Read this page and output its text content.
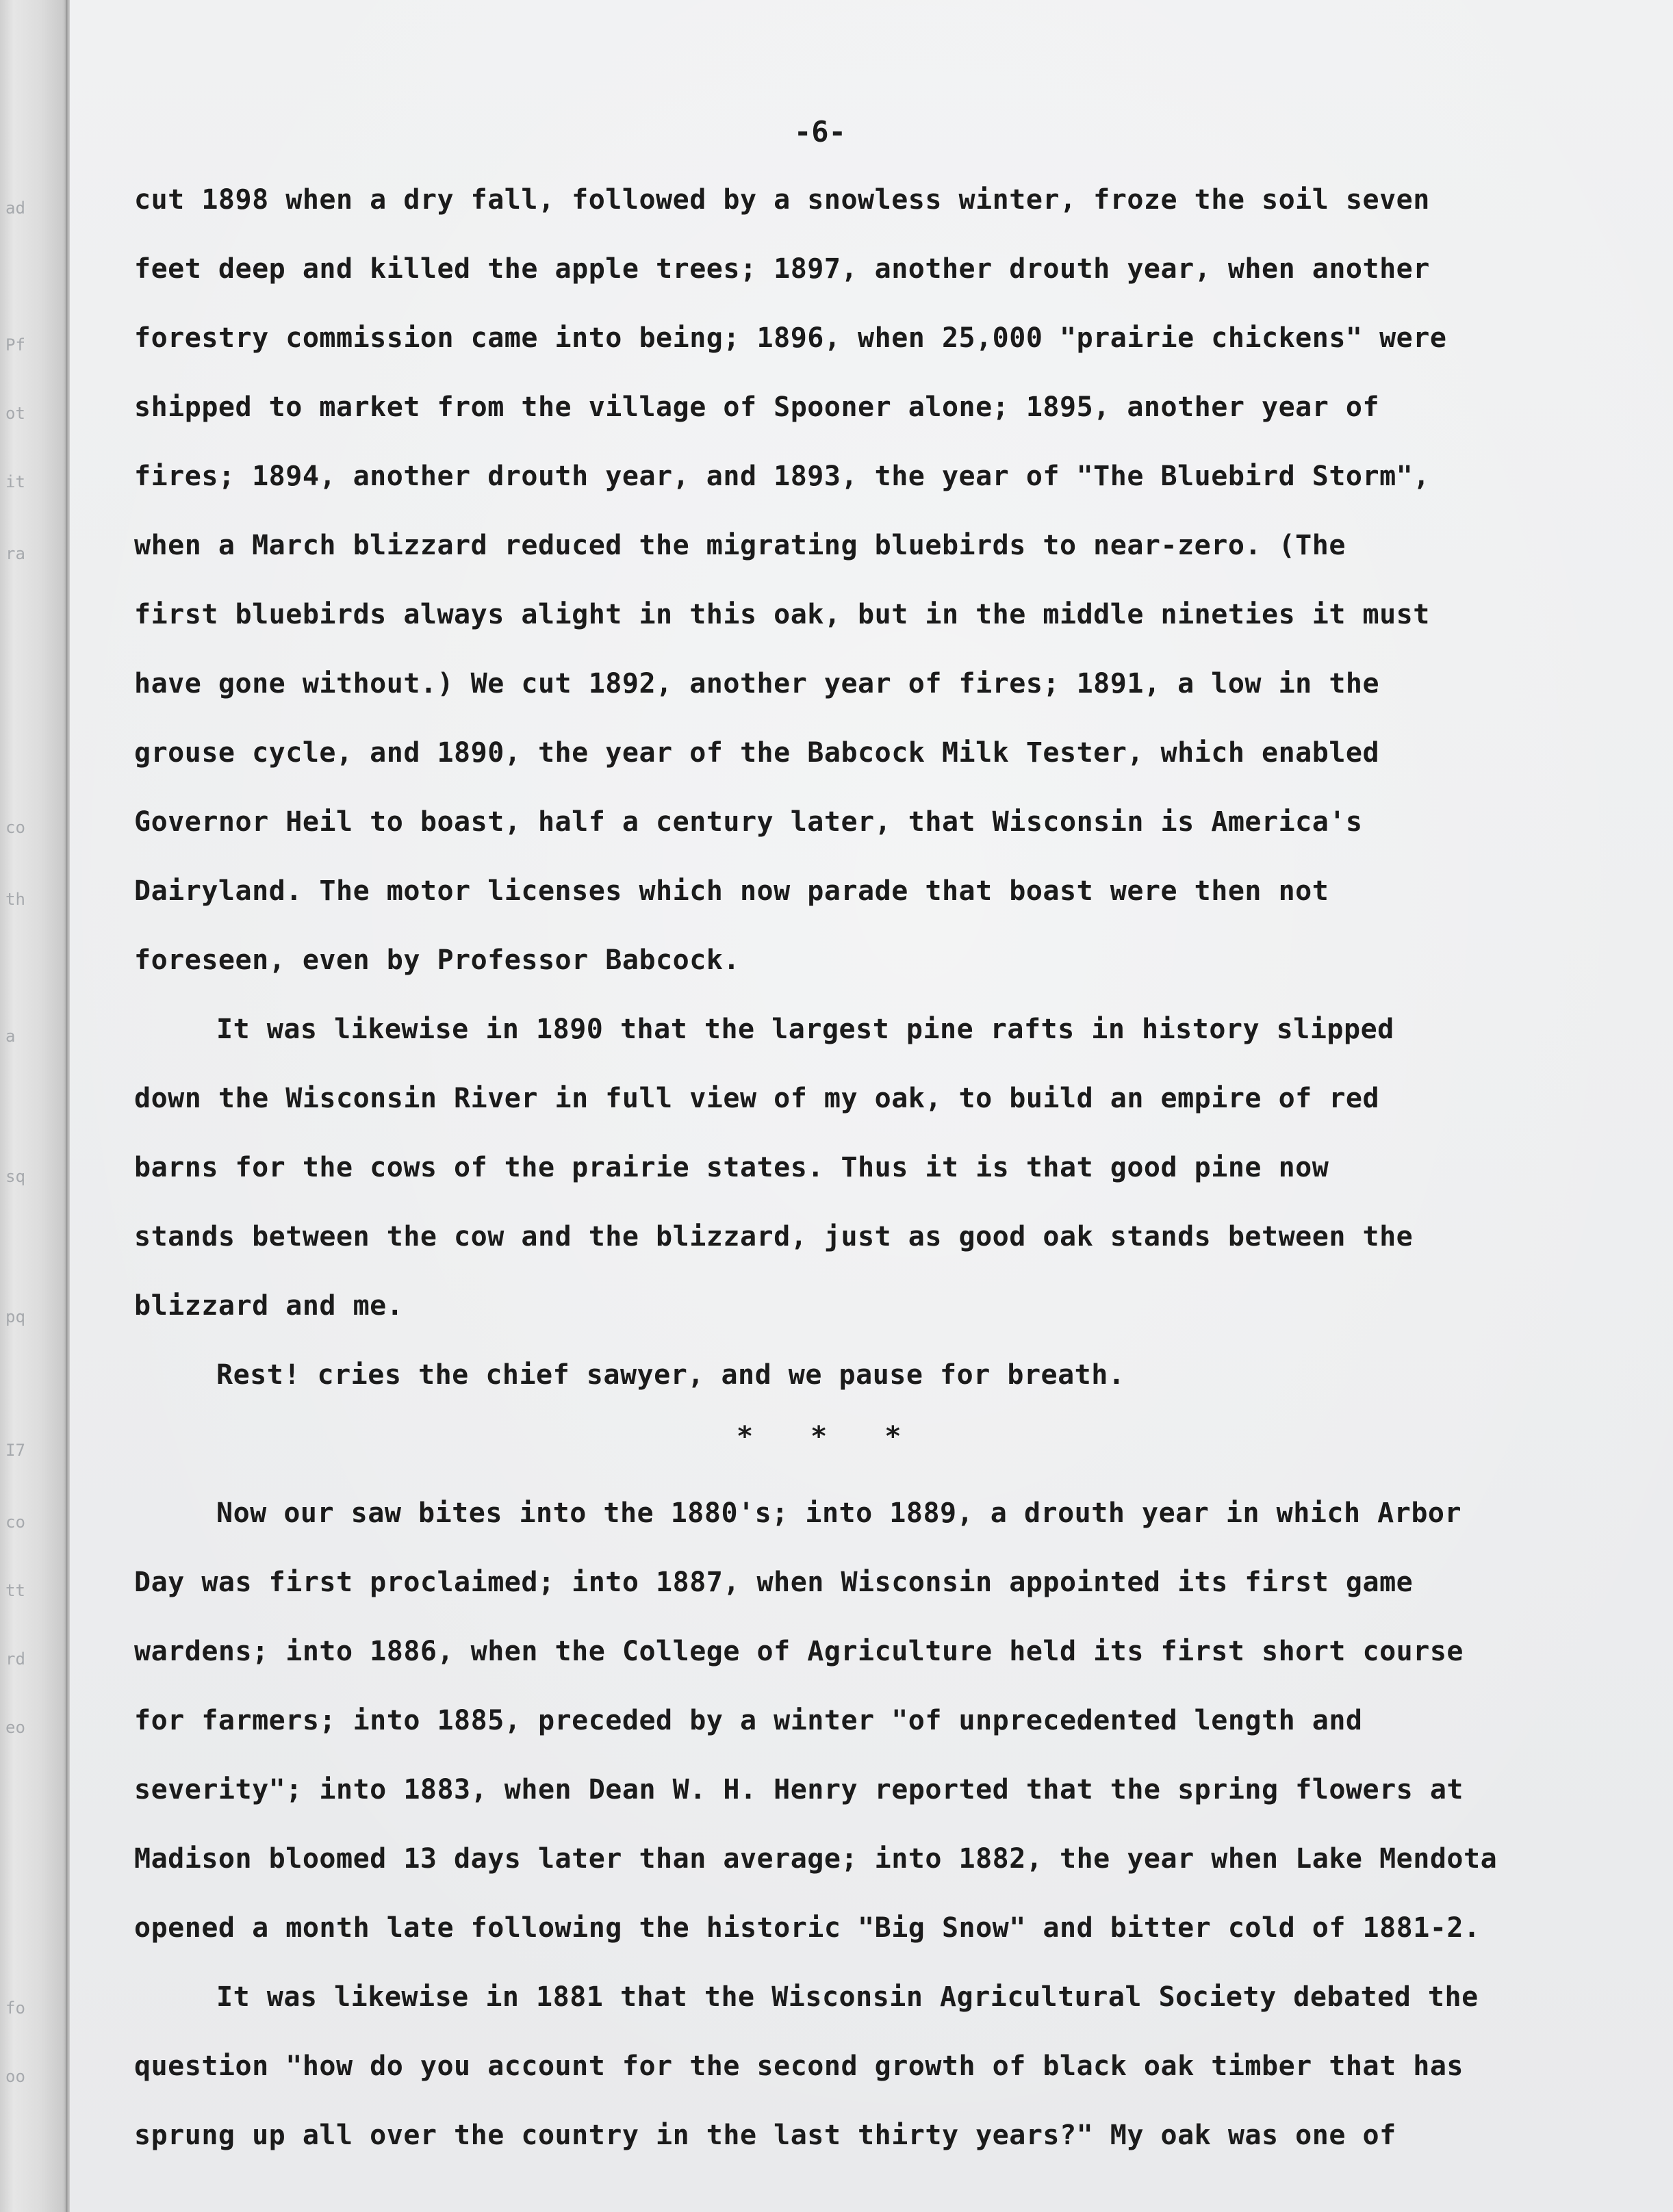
ad
Pf
ot
it
ra
co
th
a
sq
pq
I7
co
tt
rd
eo
fo
oo
-6-
cut 1898 when a dry fall, followed by a snowless winter, froze the soil seven
feet deep and killed the apple trees; 1897, another drouth year, when another
forestry commission came into being; 1896, when 25,000 "prairie chickens" were
shipped to market from the village of Spooner alone; 1895, another year of
fires; 1894, another drouth year, and 1893, the year of "The Bluebird Storm",
when a March blizzard reduced the migrating bluebirds to near-zero. (The
first bluebirds always alight in this oak, but in the middle nineties it must
have gone without.) We cut 1892, another year of fires; 1891, a low in the
grouse cycle, and 1890, the year of the Babcock Milk Tester, which enabled
Governor Heil to boast, half a century later, that Wisconsin is America's
Dairyland. The motor licenses which now parade that boast were then not
foreseen, even by Professor Babcock.
It was likewise in 1890 that the largest pine rafts in history slipped
down the Wisconsin River in full view of my oak, to build an empire of red
barns for the cows of the prairie states. Thus it is that good pine now
stands between the cow and the blizzard, just as good oak stands between the
blizzard and me.
Rest! cries the chief sawyer, and we pause for breath.
* * *
Now our saw bites into the 1880's; into 1889, a drouth year in which Arbor
Day was first proclaimed; into 1887, when Wisconsin appointed its first game
wardens; into 1886, when the College of Agriculture held its first short course
for farmers; into 1885, preceded by a winter "of unprecedented length and
severity"; into 1883, when Dean W. H. Henry reported that the spring flowers at
Madison bloomed 13 days later than average; into 1882, the year when Lake Mendota
opened a month late following the historic "Big Snow" and bitter cold of 1881-2.
It was likewise in 1881 that the Wisconsin Agricultural Society debated the
question "how do you account for the second growth of black oak timber that has
sprung up all over the country in the last thirty years?" My oak was one of
